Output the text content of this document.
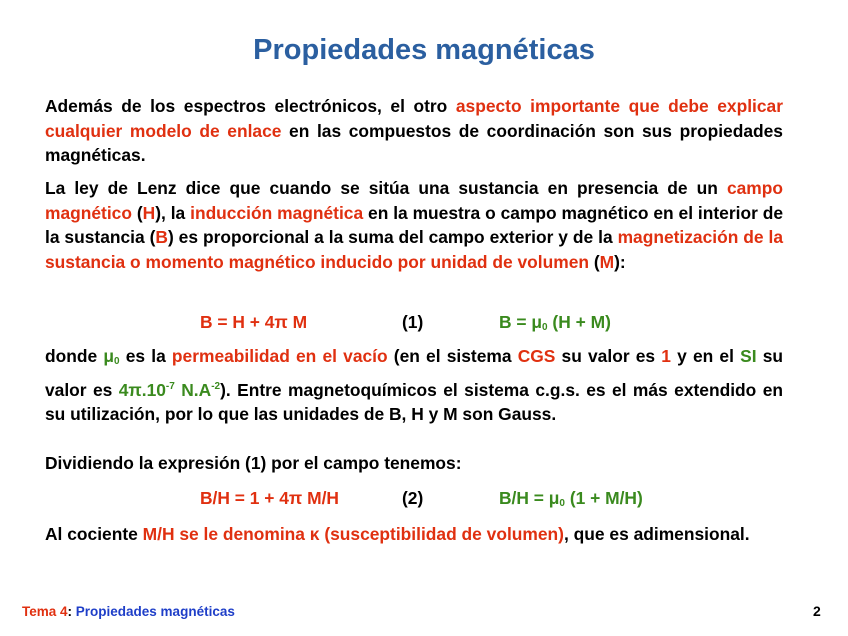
Propiedades magnéticas
Además de los espectros electrónicos, el otro aspecto importante que debe explicar cualquier modelo de enlace en las compuestos de coordinación son sus propiedades magnéticas.
La ley de Lenz dice que cuando se sitúa una sustancia en presencia de un campo magnético (H), la inducción magnética en la muestra o campo magnético en el interior de la sustancia (B) es proporcional a la suma del campo exterior y de la magnetización de la sustancia o momento magnético inducido por unidad de volumen (M):
B = H + 4π M	(1)	$B = \mu_0$ (H + M)
donde $\mu_0$ es la permeabilidad en el vacío (en el sistema CGS su valor es 1 y en el SI su valor es $4\pi.10^{-7}$ $N.A^{-2}$). Entre magnetoquímicos el sistema c.g.s. es el más extendido en su utilización, por lo que las unidades de B, H y M son Gauss.
Dividiendo la expresión (1) por el campo tenemos:
B/H = 1 + 4π M/H	(2)	$B/H = \mu_0$ (1 + M/H)
Al cociente M/H se le denomina κ (susceptibilidad de volumen), que es adimensional.
Tema 4: Propiedades magnéticas	2
